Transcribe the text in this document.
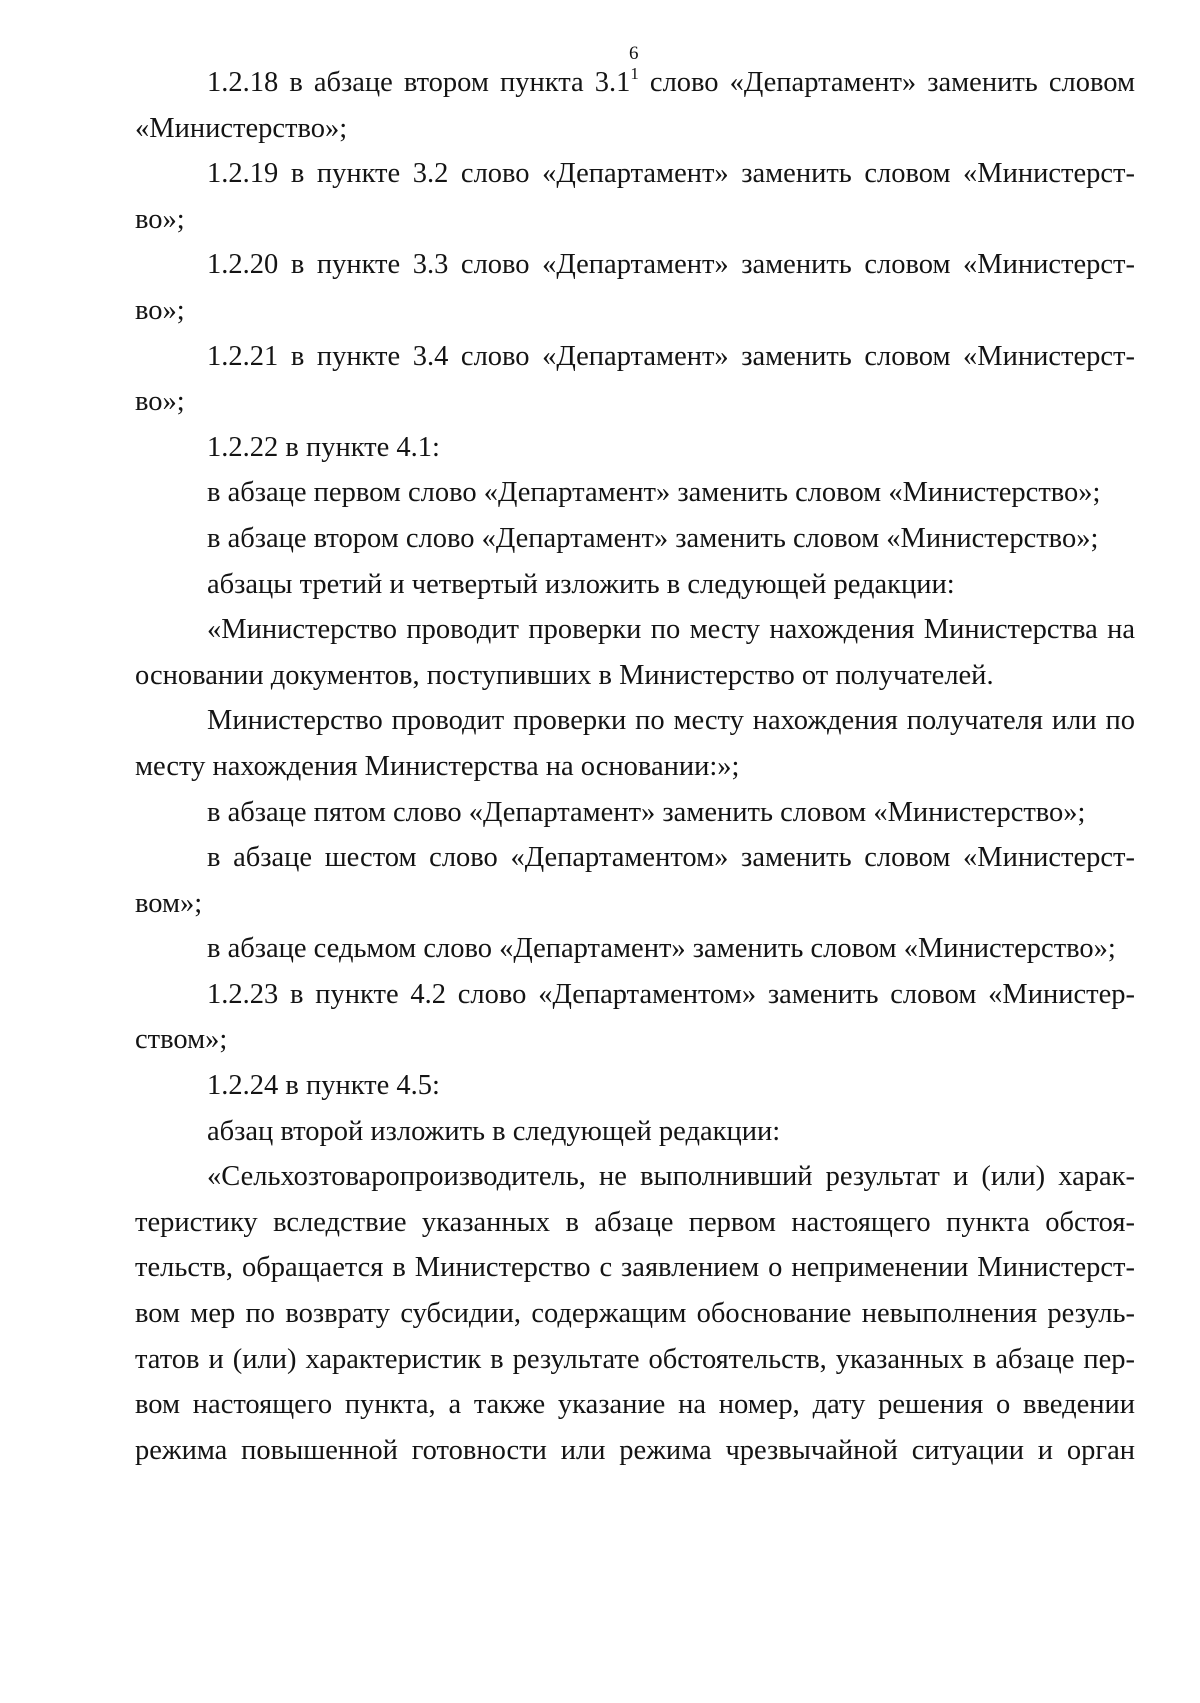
6
1.2.18 в абзаце втором пункта $3.1^1$ слово «Департамент» заменить словом
«Министерство»;
1.2.19 в пункте 3.2 слово «Департамент» заменить словом «Министерст-
во»;
1.2.20 в пункте 3.3 слово «Департамент» заменить словом «Министерст-
во»;
1.2.21 в пункте 3.4 слово «Департамент» заменить словом «Министерст-
во»;
1.2.22 в пункте 4.1:
в абзаце первом слово «Департамент» заменить словом «Министерство»;
в абзаце втором слово «Департамент» заменить словом «Министерство»;
абзацы третий и четвертый изложить в следующей редакции:
«Министерство проводит проверки по месту нахождения Министерства на
основании документов, поступивших в Министерство от получателей.
Министерство проводит проверки по месту нахождения получателя или по
месту нахождения Министерства на основании:»;
в абзаце пятом слово «Департамент» заменить словом «Министерство»;
в абзаце шестом слово «Департаментом» заменить словом «Министерст-
вом»;
в абзаце седьмом слово «Департамент» заменить словом «Министерство»;
1.2.23 в пункте 4.2 слово «Департаментом» заменить словом «Министер-
ством»;
1.2.24 в пункте 4.5:
абзац второй изложить в следующей редакции:
«Сельхозтоваропроизводитель, не выполнивший результат и (или) харак-
теристику вследствие указанных в абзаце первом настоящего пункта обстоя-
тельств, обращается в Министерство с заявлением о неприменении Министерст-
вом мер по возврату субсидии, содержащим обоснование невыполнения резуль-
татов и (или) характеристик в результате обстоятельств, указанных в абзаце пер-
вом настоящего пункта, а также указание на номер, дату решения о введении
режима повышенной готовности или режима чрезвычайной ситуации и орган
